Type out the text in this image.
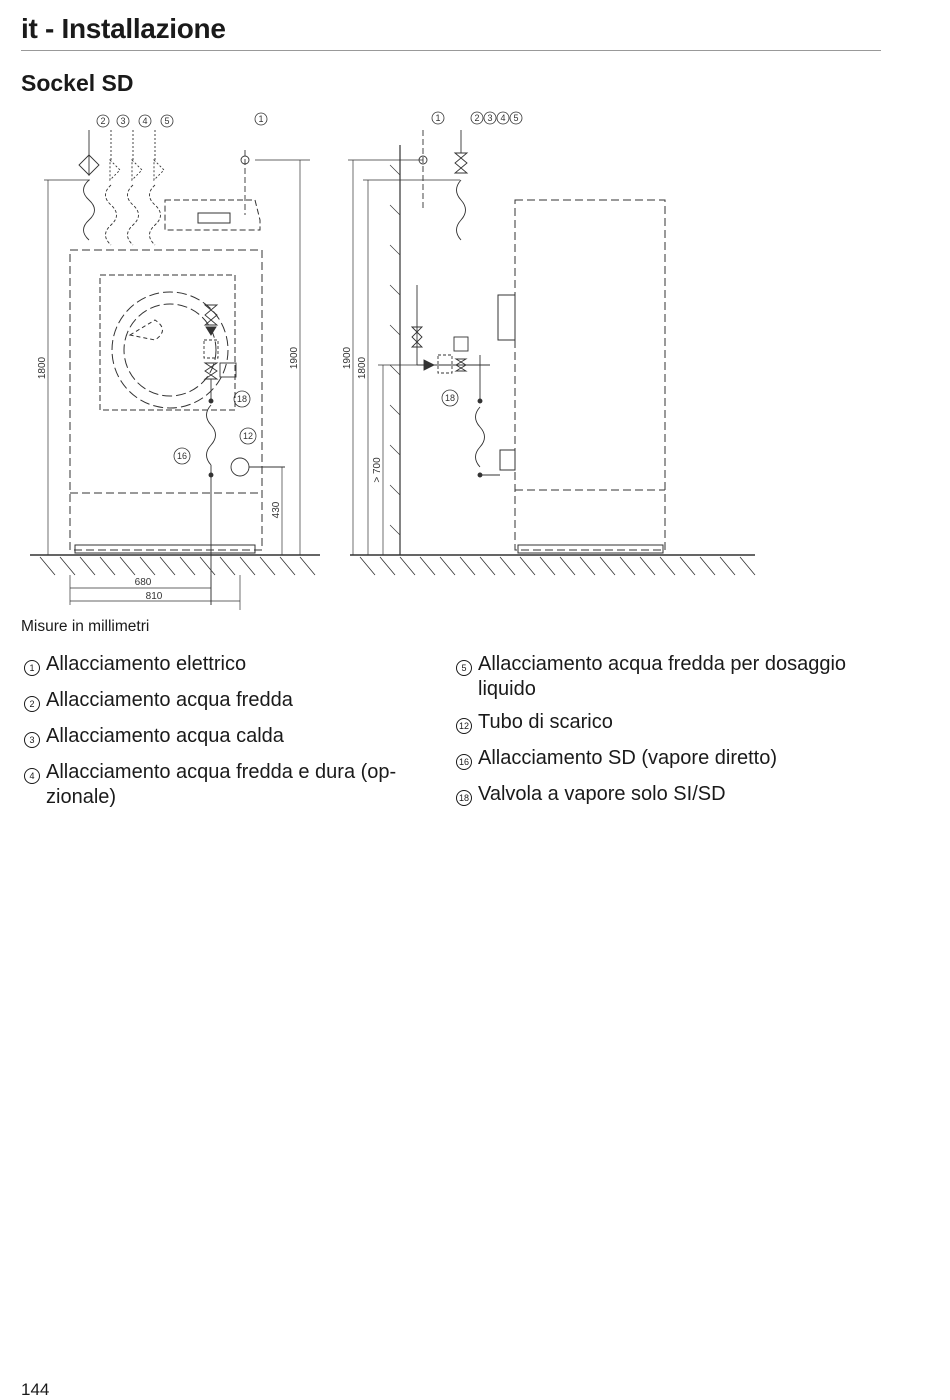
it - Installazione
Sockel SD
2 3 4 5	1
18
12
16
1	2 3 4 5
18
1800	1900
430
680
810
1900 1800
> 700
Misure in millimetri
1 Allacciamento elettrico
2 Allacciamento acqua fredda
3 Allacciamento acqua calda
4 Allacciamento acqua fredda e dura (opzionale)
5 Allacciamento acqua fredda per dosaggio liquido
12 Tubo di scarico
16 Allacciamento SD (vapore diretto)
18 Valvola a vapore solo SI/SD
144
